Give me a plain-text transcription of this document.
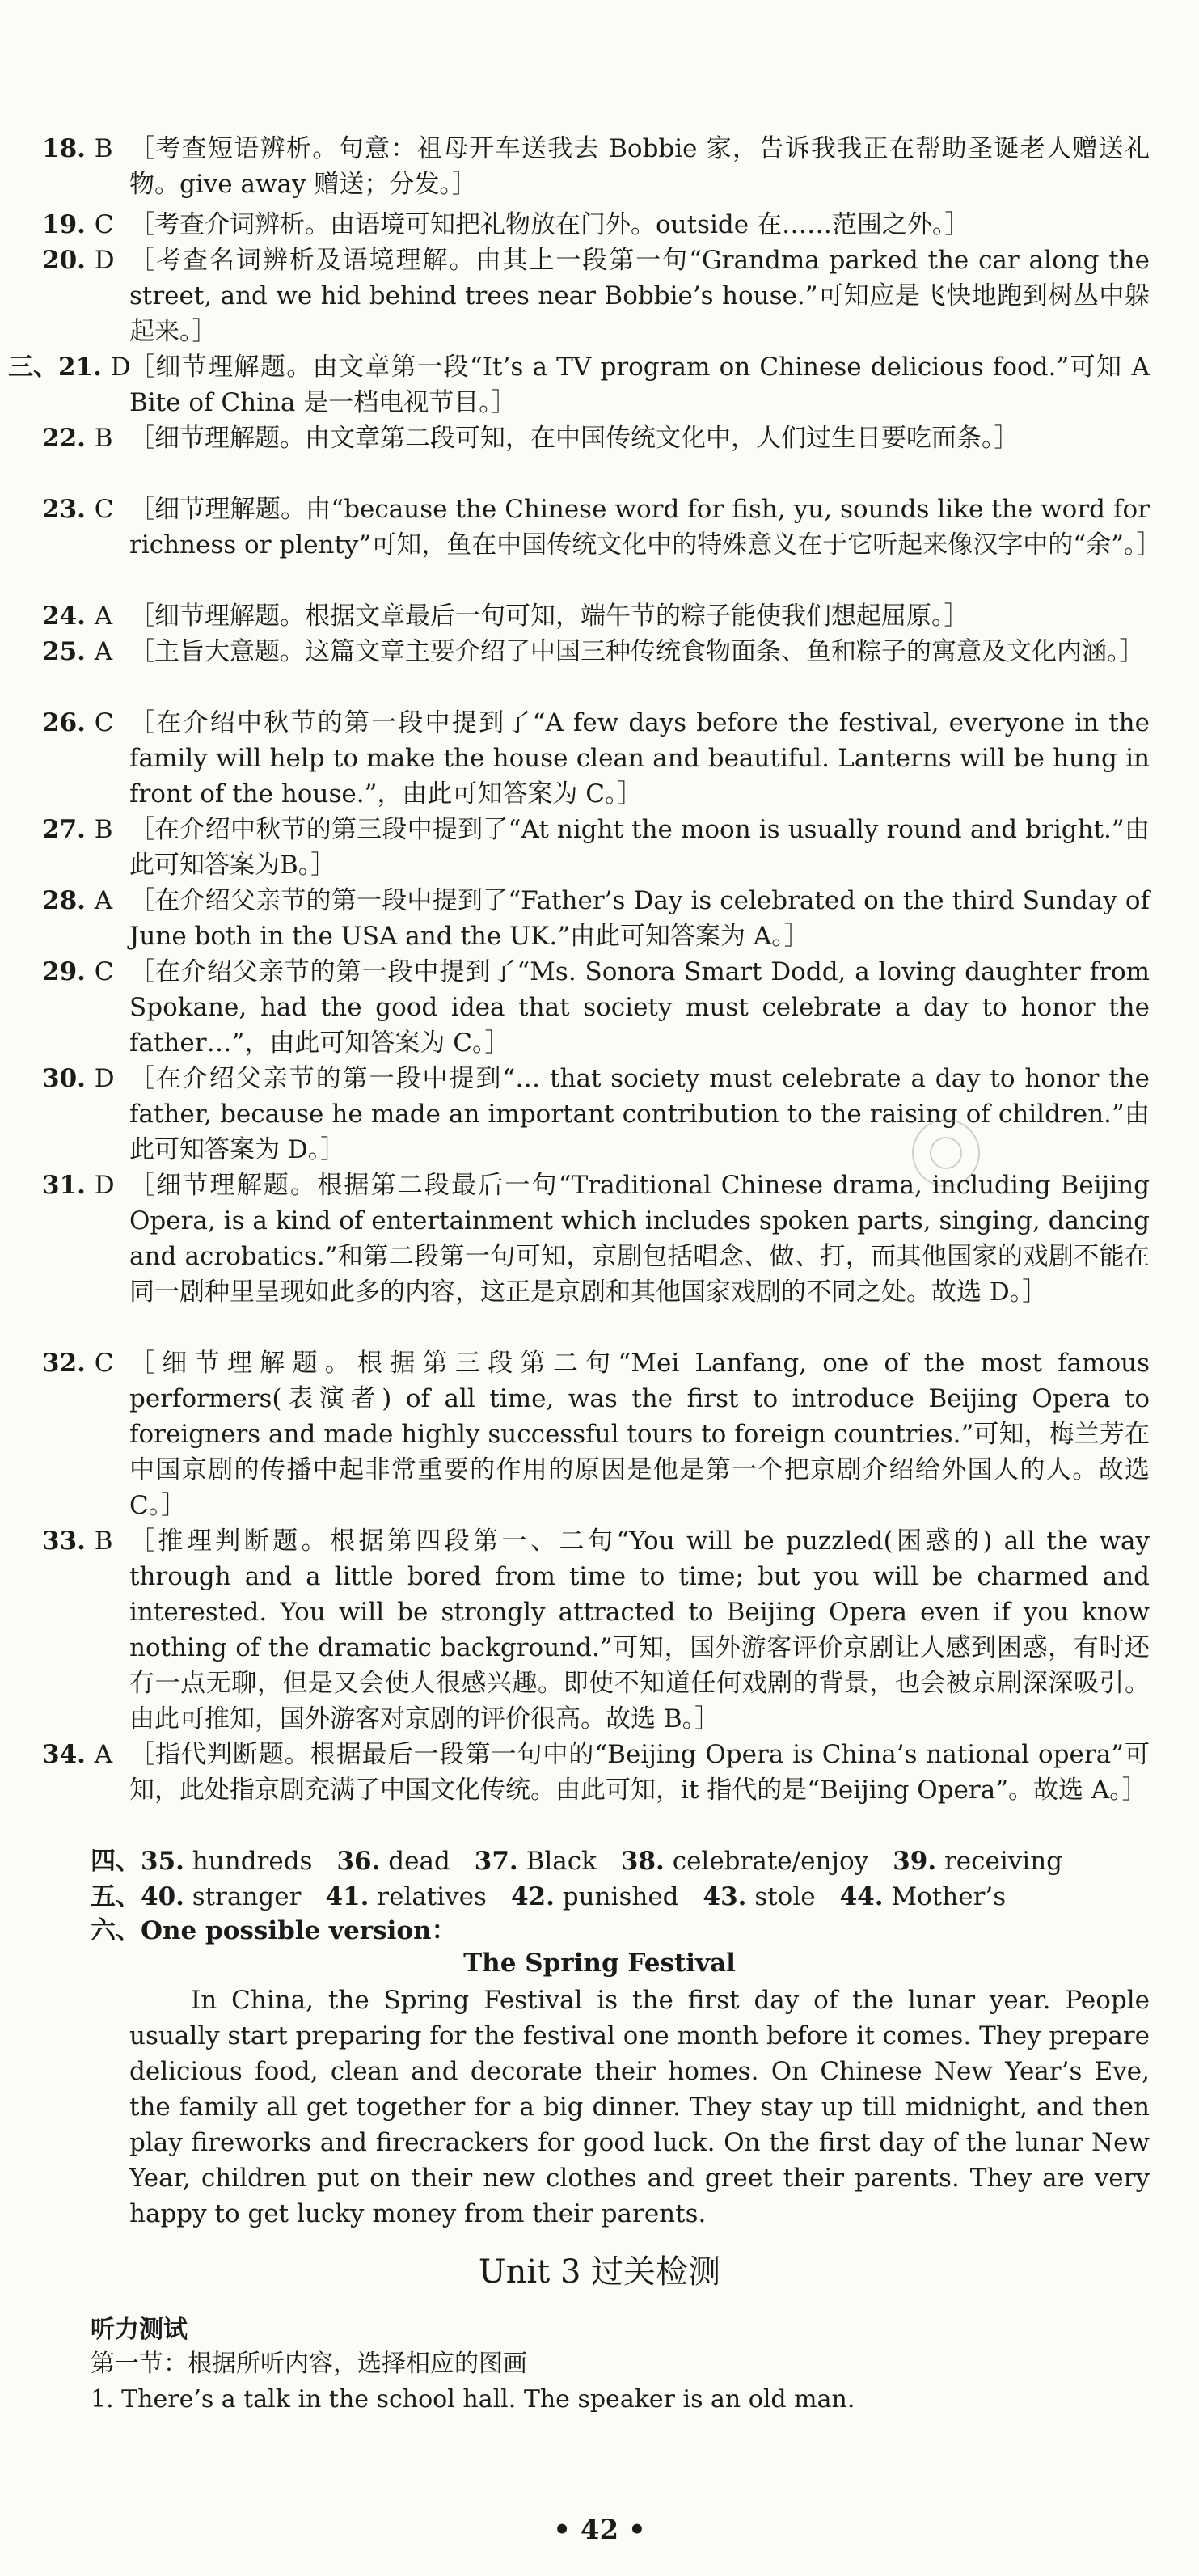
18. B ［考查短语辨析。句意：祖母开车送我去 Bobbie 家，告诉我我正在帮助圣诞老人赠送礼物。give away 赠送；分发。］
19. C ［考查介词辨析。由语境可知把礼物放在门外。outside 在……范围之外。］
20. D ［考查名词辨析及语境理解。由其上一段第一句“Grandma parked the car along the street, and we hid behind trees near Bobbie’s house.”可知应是飞快地跑到树丛中躲起来。］
三、21. D
［细节理解题。由文章第一段“It’s a TV program on Chinese delicious food.”可知 A Bite of China 是一档电视节目。］
22. B ［细节理解题。由文章第二段可知，在中国传统文化中，人们过生日要吃面条。］
23. C ［细节理解题。由“because the Chinese word for fish, yu, sounds like the word for richness or plenty”可知，鱼在中国传统文化中的特殊意义在于它听起来像汉字中的“余”。］
24. A ［细节理解题。根据文章最后一句可知，端午节的粽子能使我们想起屈原。］
25. A ［主旨大意题。这篇文章主要介绍了中国三种传统食物面条、鱼和粽子的寓意及文化内涵。］
26. C ［在介绍中秋节的第一段中提到了“A few days before the festival, everyone in the family will help to make the house clean and beautiful. Lanterns will be hung in front of the house.”，由此可知答案为 C。］
27. B ［在介绍中秋节的第三段中提到了“At night the moon is usually round and bright.”由此可知答案为B。］
28. A ［在介绍父亲节的第一段中提到了“Father’s Day is celebrated on the third Sunday of June both in the USA and the UK.”由此可知答案为 A。］
29. C ［在介绍父亲节的第一段中提到了“Ms. Sonora Smart Dodd, a loving daughter from Spokane, had the good idea that society must celebrate a day to honor the father…”，由此可知答案为 C。］
30. D ［在介绍父亲节的第一段中提到“… that society must celebrate a day to honor the father, because he made an important contribution to the raising of children.”由此可知答案为 D。］
31. D ［细节理解题。根据第二段最后一句“Traditional Chinese drama, including Beijing Opera, is a kind of entertainment which includes spoken parts, singing, dancing and acrobatics.”和第二段第一句可知，京剧包括唱念、做、打，而其他国家的戏剧不能在同一剧种里呈现如此多的内容，这正是京剧和其他国家戏剧的不同之处。故选 D。］
32. C ［细节理解题。根据第三段第二句“Mei Lanfang, one of the most famous performers(表演者) of all time, was the first to introduce Beijing Opera to foreigners and made highly successful tours to foreign countries.”可知，梅兰芳在中国京剧的传播中起非常重要的作用的原因是他是第一个把京剧介绍给外国人的人。故选 C。］
33. B ［推理判断题。根据第四段第一、二句“You will be puzzled(困惑的) all the way through and a little bored from time to time; but you will be charmed and interested. You will be strongly attracted to Beijing Opera even if you know nothing of the dramatic background.”可知，国外游客评价京剧让人感到困惑，有时还有一点无聊，但是又会使人很感兴趣。即使不知道任何戏剧的背景，也会被京剧深深吸引。由此可推知，国外游客对京剧的评价很高。故选 B。］
34. A ［指代判断题。根据最后一段第一句中的“Beijing Opera is China’s national opera”可知，此处指京剧充满了中国文化传统。由此可知，it 指代的是“Beijing Opera”。故选 A。］
四、35. hundreds 36. dead 37. Black 38. celebrate/enjoy 39. receiving
五、40. stranger 41. relatives 42. punished 43. stole 44. Mother’s
六、One possible version：
The Spring Festival
In China, the Spring Festival is the first day of the lunar year. People usually start preparing for the festival one month before it comes. They prepare delicious food, clean and decorate their homes. On Chinese New Year’s Eve, the family all get together for a big dinner. They stay up till midnight, and then play fireworks and firecrackers for good luck. On the first day of the lunar New Year, children put on their new clothes and greet their parents. They are very happy to get lucky money from their parents.
Unit 3 过关检测
听力测试
第一节：根据所听内容，选择相应的图画
1. There’s a talk in the school hall. The speaker is an old man.
• 42 •
